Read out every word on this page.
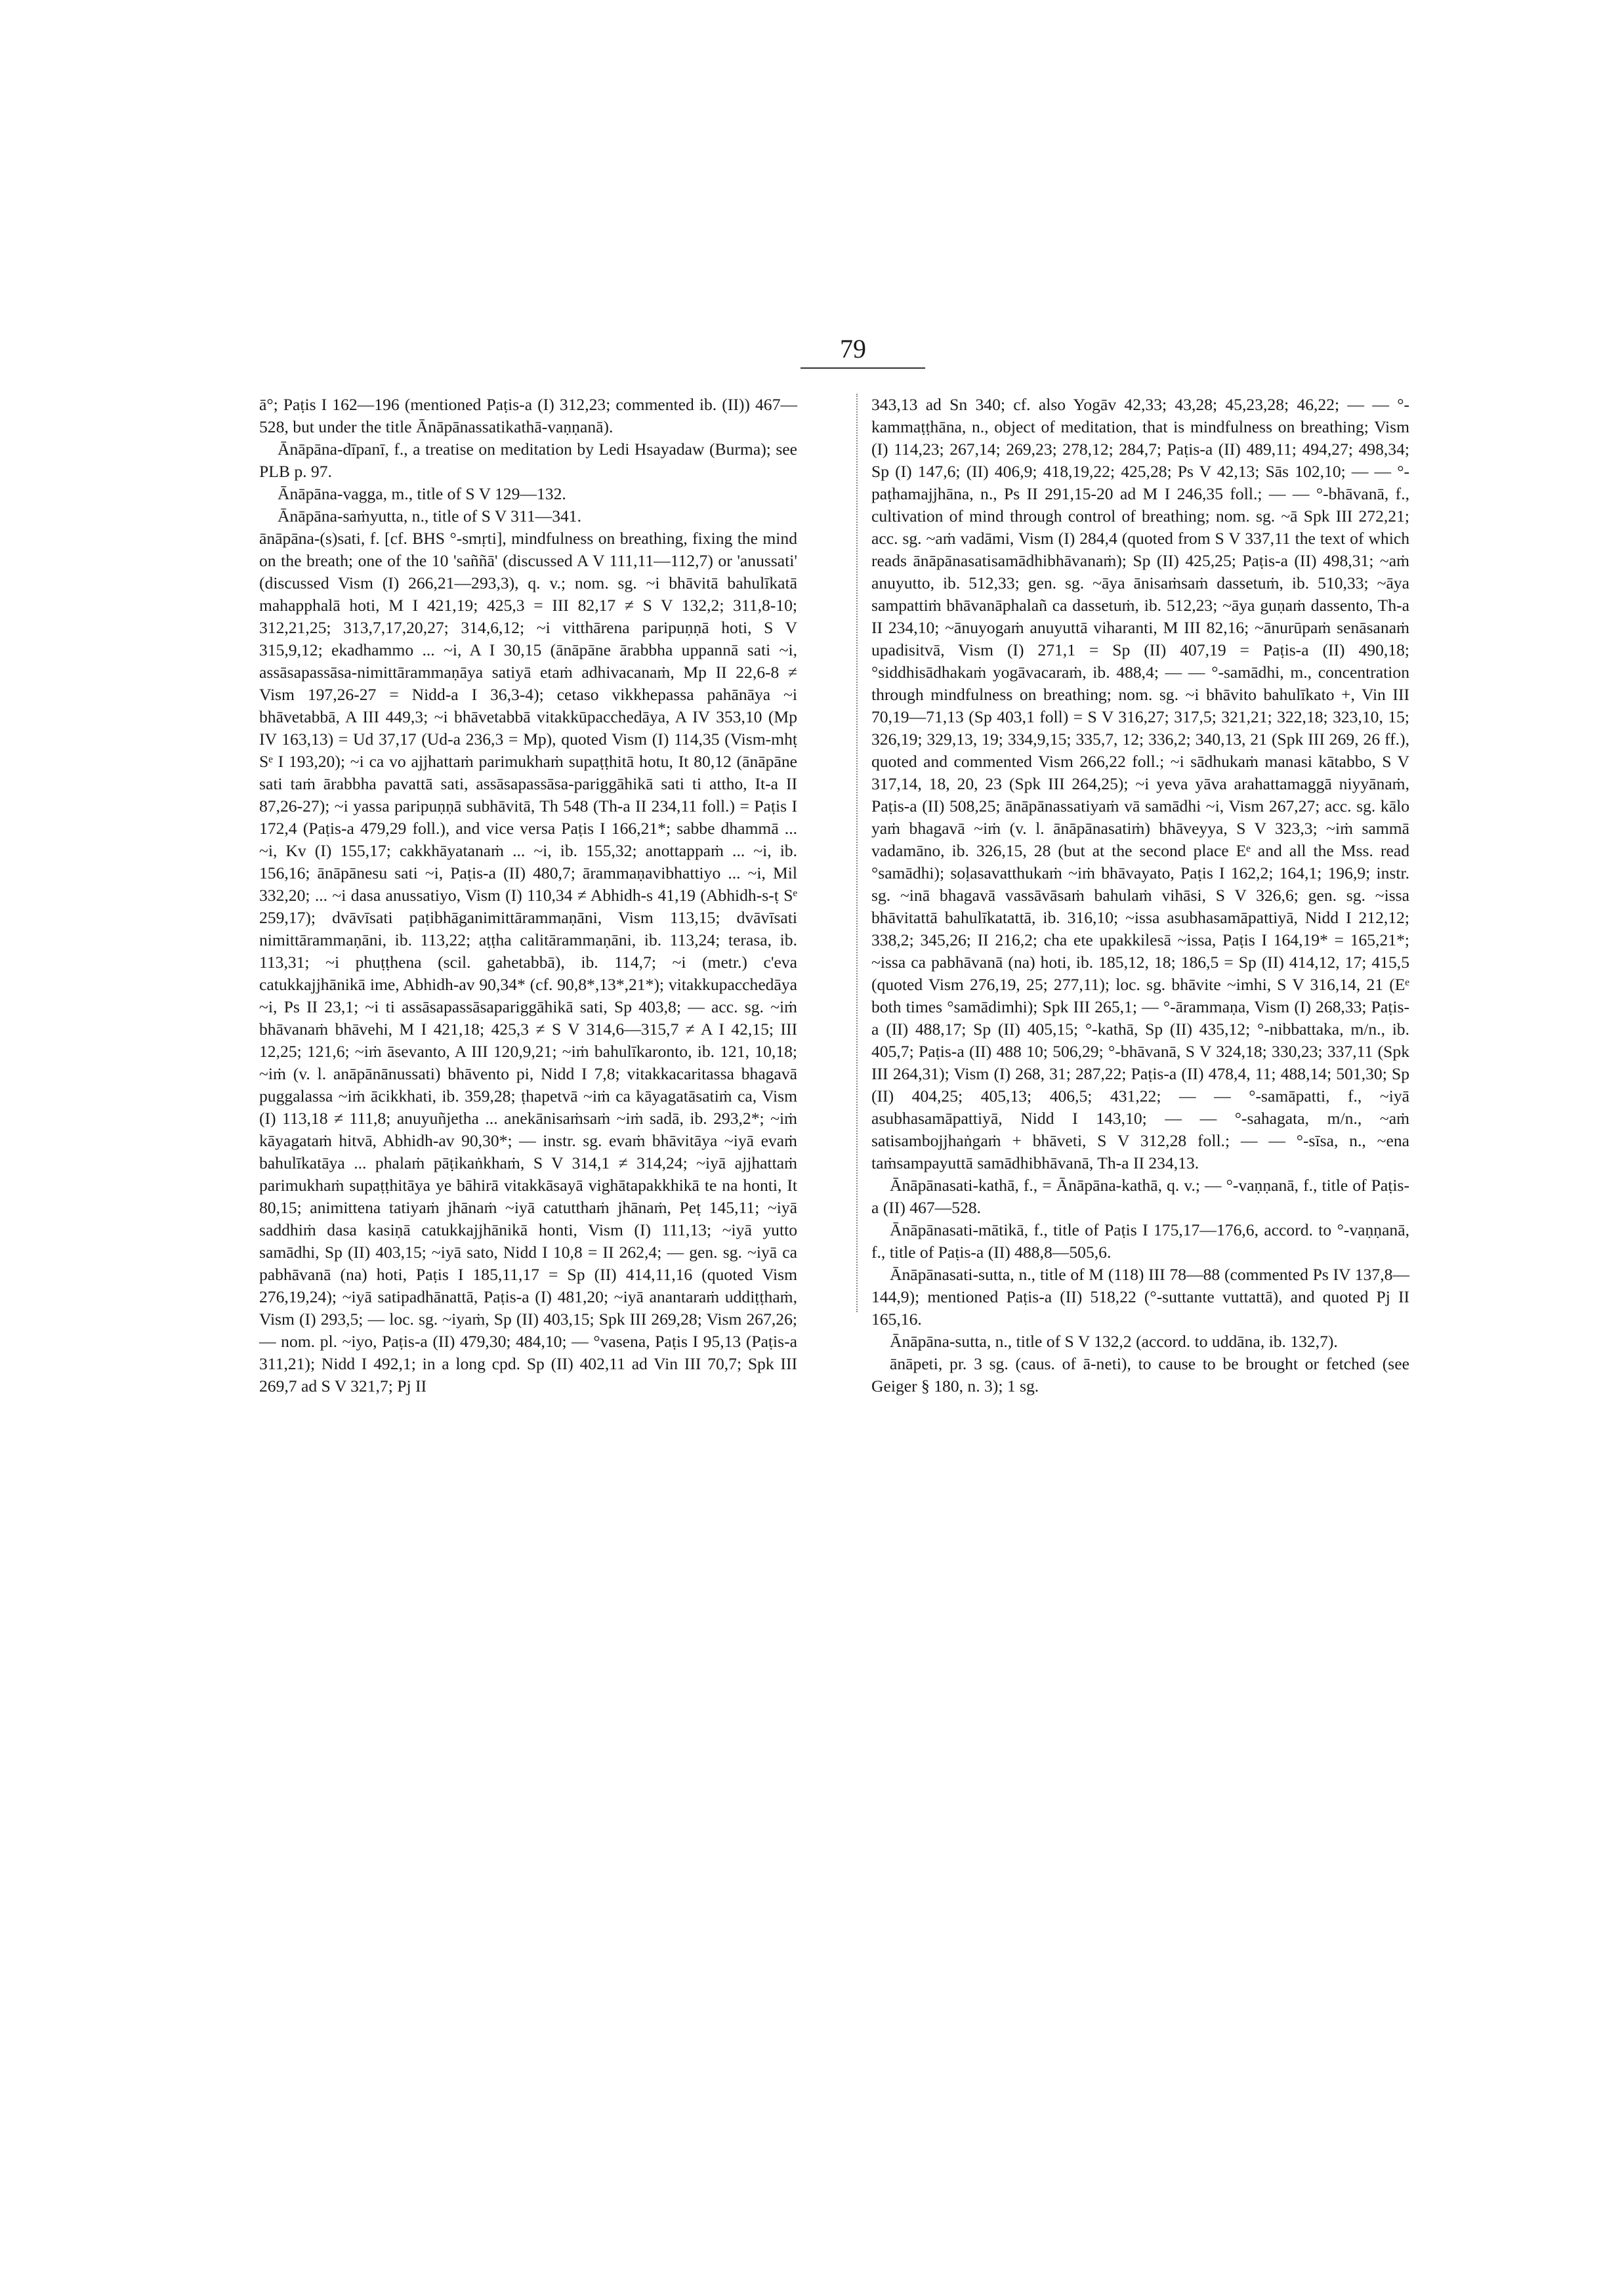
79

ā°; Paṭis I 162—196 (mentioned Paṭis-a (I) 312,23; commented ib. (II)) 467—528, but under the title Ānāpānassatikathā-vaṇṇanā).

Ānāpāna-dīpanī, f., a treatise on meditation by Ledi Hsayadaw (Burma); see PLB p. 97.

Ānāpāna-vagga, m., title of S V 129—132.

Ānāpāna-saṁyutta, n., title of S V 311—341.

ānāpāna-(s)sati, f. [cf. BHS °-smṛti], mindfulness on breathing, fixing the mind on the breath; one of the 10 'saññā' (discussed A V 111,11—112,7) or 'anussati' (discussed Vism (I) 266,21—293,3), q. v.; nom. sg. ~i bhāvitā bahulīkatā mahapphalā hoti, M I 421,19; 425,3 = III 82,17 ≠ S V 132,2; 311,8-10; 312,21,25; 313,7,17,20,27; 314,6,12; ~i vitthārena paripuṇṇā hoti, S V 315,9,12; ekadhammo ... ~i, A I 30,15 (ānāpāne ārabbha uppannā sati ~i, assāsapassāsa-nimittārammaṇāya satiyā etaṁ adhivacanaṁ, Mp II 22,6-8 ≠ Vism 197,26-27 = Nidd-a I 36,3-4); cetaso vikkhepassa pahānāya ~i bhāvetabbā, A III 449,3; ~i bhāvetabbā vitakkūpacchedāya, A IV 353,10 (Mp IV 163,13) = Ud 37,17 (Ud-a 236,3 = Mp), quoted Vism (I) 114,35 (Vism-mhṭ Sᵉ I 193,20); ~i ca vo ajjhattaṁ parimukhaṁ supaṭṭhitā hotu, It 80,12 (ānāpāne sati taṁ ārabbha pavattā sati, assāsapassāsa-pariggāhikā sati ti attho, It-a II 87,26-27); ~i yassa paripuṇṇā subhāvitā, Th 548 (Th-a II 234,11 foll.) = Paṭis I 172,4 (Paṭis-a 479,29 foll.), and vice versa Paṭis I 166,21*; sabbe dhammā ... ~i, Kv (I) 155,17; cakkhāyatanaṁ ... ~i, ib. 155,32; anottappaṁ ... ~i, ib. 156,16; ānāpānesu sati ~i, Paṭis-a (II) 480,7; ārammaṇavibhattiyo ... ~i, Mil 332,20; ... ~i dasa anussatiyo, Vism (I) 110,34 ≠ Abhidh-s 41,19 (Abhidh-s-ṭ Sᵉ 259,17); dvāvīsati paṭibhāganimittārammaṇāni, Vism 113,15; dvāvīsati nimittārammaṇāni, ib. 113,22; aṭṭha calitārammaṇāni, ib. 113,24; terasa, ib. 113,31; ~i phuṭṭhena (scil. gahetabbā), ib. 114,7; ~i (metr.) c'eva catukkajjhānikā ime, Abhidh-av 90,34* (cf. 90,8*,13*,21*); vitakkupacchedāya ~i, Ps II 23,1; ~i ti assāsapassāsapariggāhikā sati, Sp 403,8; — acc. sg. ~iṁ bhāvanaṁ bhāvehi, M I 421,18; 425,3 ≠ S V 314,6—315,7 ≠ A I 42,15; III 12,25; 121,6; ~iṁ āsevanto, A III 120,9,21; ~iṁ bahulīkaronto, ib. 121, 10,18; ~iṁ (v. l. anāpānānussati) bhāvento pi, Nidd I 7,8; vitakkacaritassa bhagavā puggalassa ~iṁ ācikkhati, ib. 359,28; ṭhapetvā ~iṁ ca kāyagatāsatiṁ ca, Vism (I) 113,18 ≠ 111,8; anuyuñjetha ... anekānisaṁsaṁ ~iṁ sadā, ib. 293,2*; ~iṁ kāyagataṁ hitvā, Abhidh-av 90,30*; — instr. sg. evaṁ bhāvitāya ~iyā evaṁ bahulīkatāya ... phalaṁ pāṭikaṅkhaṁ, S V 314,1 ≠ 314,24; ~iyā ajjhattaṁ parimukhaṁ supaṭṭhitāya ye bāhirā vitakkāsayā vighātapakkhikā te na honti, It 80,15; animittena tatiyaṁ jhānaṁ ~iyā catutthaṁ jhānaṁ, Peṭ 145,11; ~iyā saddhiṁ dasa kasiṇā catukkajjhānikā honti, Vism (I) 111,13; ~iyā yutto samādhi, Sp (II) 403,15; ~iyā sato, Nidd I 10,8 = II 262,4; — gen. sg. ~iyā ca pabhāvanā (na) hoti, Paṭis I 185,11,17 = Sp (II) 414,11,16 (quoted Vism 276,19,24); ~iyā satipadhānattā, Paṭis-a (I) 481,20; ~iyā anantaraṁ uddiṭṭhaṁ, Vism (I) 293,5; — loc. sg. ~iyaṁ, Sp (II) 403,15; Spk III 269,28; Vism 267,26; — nom. pl. ~iyo, Paṭis-a (II) 479,30; 484,10; — °vasena, Paṭis I 95,13 (Paṭis-a 311,21); Nidd I 492,1; in a long cpd. Sp (II) 402,11 ad Vin III 70,7; Spk III 269,7 ad S V 321,7; Pj II

343,13 ad Sn 340; cf. also Yogāv 42,33; 43,28; 45,23,28; 46,22; — — °-kammaṭṭhāna, n., object of meditation, that is mindfulness on breathing; Vism (I) 114,23; 267,14; 269,23; 278,12; 284,7; Paṭis-a (II) 489,11; 494,27; 498,34; Sp (I) 147,6; (II) 406,9; 418,19,22; 425,28; Ps V 42,13; Sās 102,10; — — °-paṭhamajjhāna, n., Ps II 291,15-20 ad M I 246,35 foll.; — — °-bhāvanā, f., cultivation of mind through control of breathing; nom. sg. ~ā Spk III 272,21; acc. sg. ~aṁ vadāmi, Vism (I) 284,4 (quoted from S V 337,11 the text of which reads ānāpānasatisamādhibhāvanaṁ); Sp (II) 425,25; Paṭis-a (II) 498,31; ~aṁ anuyutto, ib. 512,33; gen. sg. ~āya ānisaṁsaṁ dassetuṁ, ib. 510,33; ~āya sampattiṁ bhāvanāphalañ ca dassetuṁ, ib. 512,23; ~āya guṇaṁ dassento, Th-a II 234,10; ~ānuyogaṁ anuyuttā viharanti, M III 82,16; ~ānurūpaṁ senāsanaṁ upadisitvā, Vism (I) 271,1 = Sp (II) 407,19 = Paṭis-a (II) 490,18; °siddhisādhakaṁ yogāvacaraṁ, ib. 488,4; — — °-samādhi, m., concentration through mindfulness on breathing; nom. sg. ~i bhāvito bahulīkato +, Vin III 70,19—71,13 (Sp 403,1 foll) = S V 316,27; 317,5; 321,21; 322,18; 323,10, 15; 326,19; 329,13, 19; 334,9,15; 335,7, 12; 336,2; 340,13, 21 (Spk III 269, 26 ff.), quoted and commented Vism 266,22 foll.; ~i sādhukaṁ manasi kātabbo, S V 317,14, 18, 20, 23 (Spk III 264,25); ~i yeva yāva arahattamaggā niyyānaṁ, Paṭis-a (II) 508,25; ānāpānassatiyaṁ vā samādhi ~i, Vism 267,27; acc. sg. kālo yaṁ bhagavā ~iṁ (v. l. ānāpānasatiṁ) bhāveyya, S V 323,3; ~iṁ sammā vadamāno, ib. 326,15, 28 (but at the second place Eᵉ and all the Mss. read °samādhi); soḷasavatthukaṁ ~iṁ bhāvayato, Paṭis I 162,2; 164,1; 196,9; instr. sg. ~inā bhagavā vassāvāsaṁ bahulaṁ vihāsi, S V 326,6; gen. sg. ~issa bhāvitattā bahulīkatattā, ib. 316,10; ~issa asubhasamāpattiyā, Nidd I 212,12; 338,2; 345,26; II 216,2; cha ete upakkilesā ~issa, Paṭis I 164,19* = 165,21*; ~issa ca pabhāvanā (na) hoti, ib. 185,12, 18; 186,5 = Sp (II) 414,12, 17; 415,5 (quoted Vism 276,19, 25; 277,11); loc. sg. bhāvite ~imhi, S V 316,14, 21 (Eᵉ both times °samādimhi); Spk III 265,1; — °-ārammaṇa, Vism (I) 268,33; Paṭis-a (II) 488,17; Sp (II) 405,15; °-kathā, Sp (II) 435,12; °-nibbattaka, m/n., ib. 405,7; Paṭis-a (II) 488 10; 506,29; °-bhāvanā, S V 324,18; 330,23; 337,11 (Spk III 264,31); Vism (I) 268, 31; 287,22; Paṭis-a (II) 478,4, 11; 488,14; 501,30; Sp (II) 404,25; 405,13; 406,5; 431,22; — — °-samāpatti, f., ~iyā asubhasamāpattiyā, Nidd I 143,10; — — °-sahagata, m/n., ~aṁ satisambojjhaṅgaṁ + bhāveti, S V 312,28 foll.; — — °-sīsa, n., ~ena taṁsampayuttā samādhibhāvanā, Th-a II 234,13.

Ānāpānasati-kathā, f., = Ānāpāna-kathā, q. v.; — °-vaṇṇanā, f., title of Paṭis-a (II) 467—528.

Ānāpānasati-mātikā, f., title of Paṭis I 175,17—176,6, accord. to °-vaṇṇanā, f., title of Paṭis-a (II) 488,8—505,6.

Ānāpānasati-sutta, n., title of M (118) III 78—88 (commented Ps IV 137,8—144,9); mentioned Paṭis-a (II) 518,22 (°-suttante vuttattā), and quoted Pj II 165,16.

Ānāpāna-sutta, n., title of S V 132,2 (accord. to uddāna, ib. 132,7).

ānāpeti, pr. 3 sg. (caus. of ā-neti), to cause to be brought or fetched (see Geiger § 180, n. 3); 1 sg.
